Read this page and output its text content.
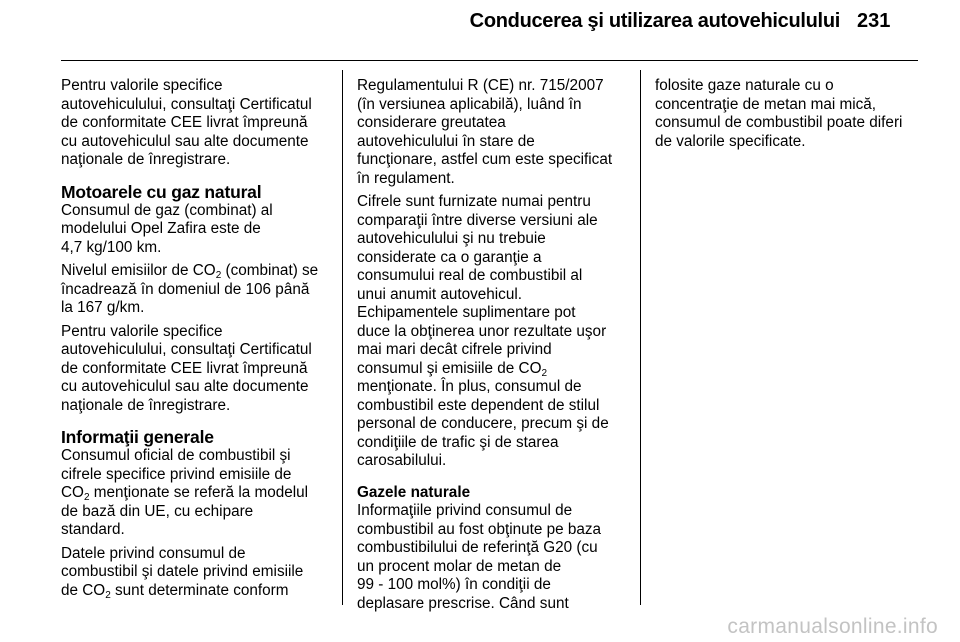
Conducerea şi utilizarea autovehiculului 231

Pentru valorile specifice
autovehiculului, consultaţi Certificatul
de conformitate CEE livrat împreună
cu autovehiculul sau alte documente
naţionale de înregistrare.

Motoarele cu gaz natural

Consumul de gaz (combinat) al
modelului Opel Zafira este de
4,7 kg/100 km.

Nivelul emisiilor de $CO_2$ (combinat) se
încadrează în domeniul de 106 până
la 167 g/km.

Pentru valorile specifice
autovehiculului, consultaţi Certificatul
de conformitate CEE livrat împreună
cu autovehiculul sau alte documente
naţionale de înregistrare.

Informaţii generale

Consumul oficial de combustibil şi
cifrele specifice privind emisiile de
$CO_2$ menţionate se referă la modelul
de bază din UE, cu echipare
standard.

Datele privind consumul de
combustibil şi datele privind emisiile
de $CO_2$ sunt determinate conform

Regulamentului R (CE) nr. 715/2007
(în versiunea aplicabilă), luând în
considerare greutatea
autovehiculului în stare de
funcţionare, astfel cum este specificat
în regulament.

Cifrele sunt furnizate numai pentru
comparaţii între diverse versiuni ale
autovehiculului şi nu trebuie
considerate ca o garanţie a
consumului real de combustibil al
unui anumit autovehicul.
Echipamentele suplimentare pot
duce la obţinerea unor rezultate uşor
mai mari decât cifrele privind
consumul şi emisiile de $CO_2$
menţionate. În plus, consumul de
combustibil este dependent de stilul
personal de conducere, precum şi de
condiţiile de trafic şi de starea
carosabilului.

Gazele naturale

Informaţiile privind consumul de
combustibil au fost obţinute pe baza
combustibilului de referinţă G20 (cu
un procent molar de metan de
99 - 100 mol%) în condiţii de
deplasare prescrise. Când sunt

folosite gaze naturale cu o
concentraţie de metan mai mică,
consumul de combustibil poate diferi
de valorile specificate.

carmanualsonline.info
